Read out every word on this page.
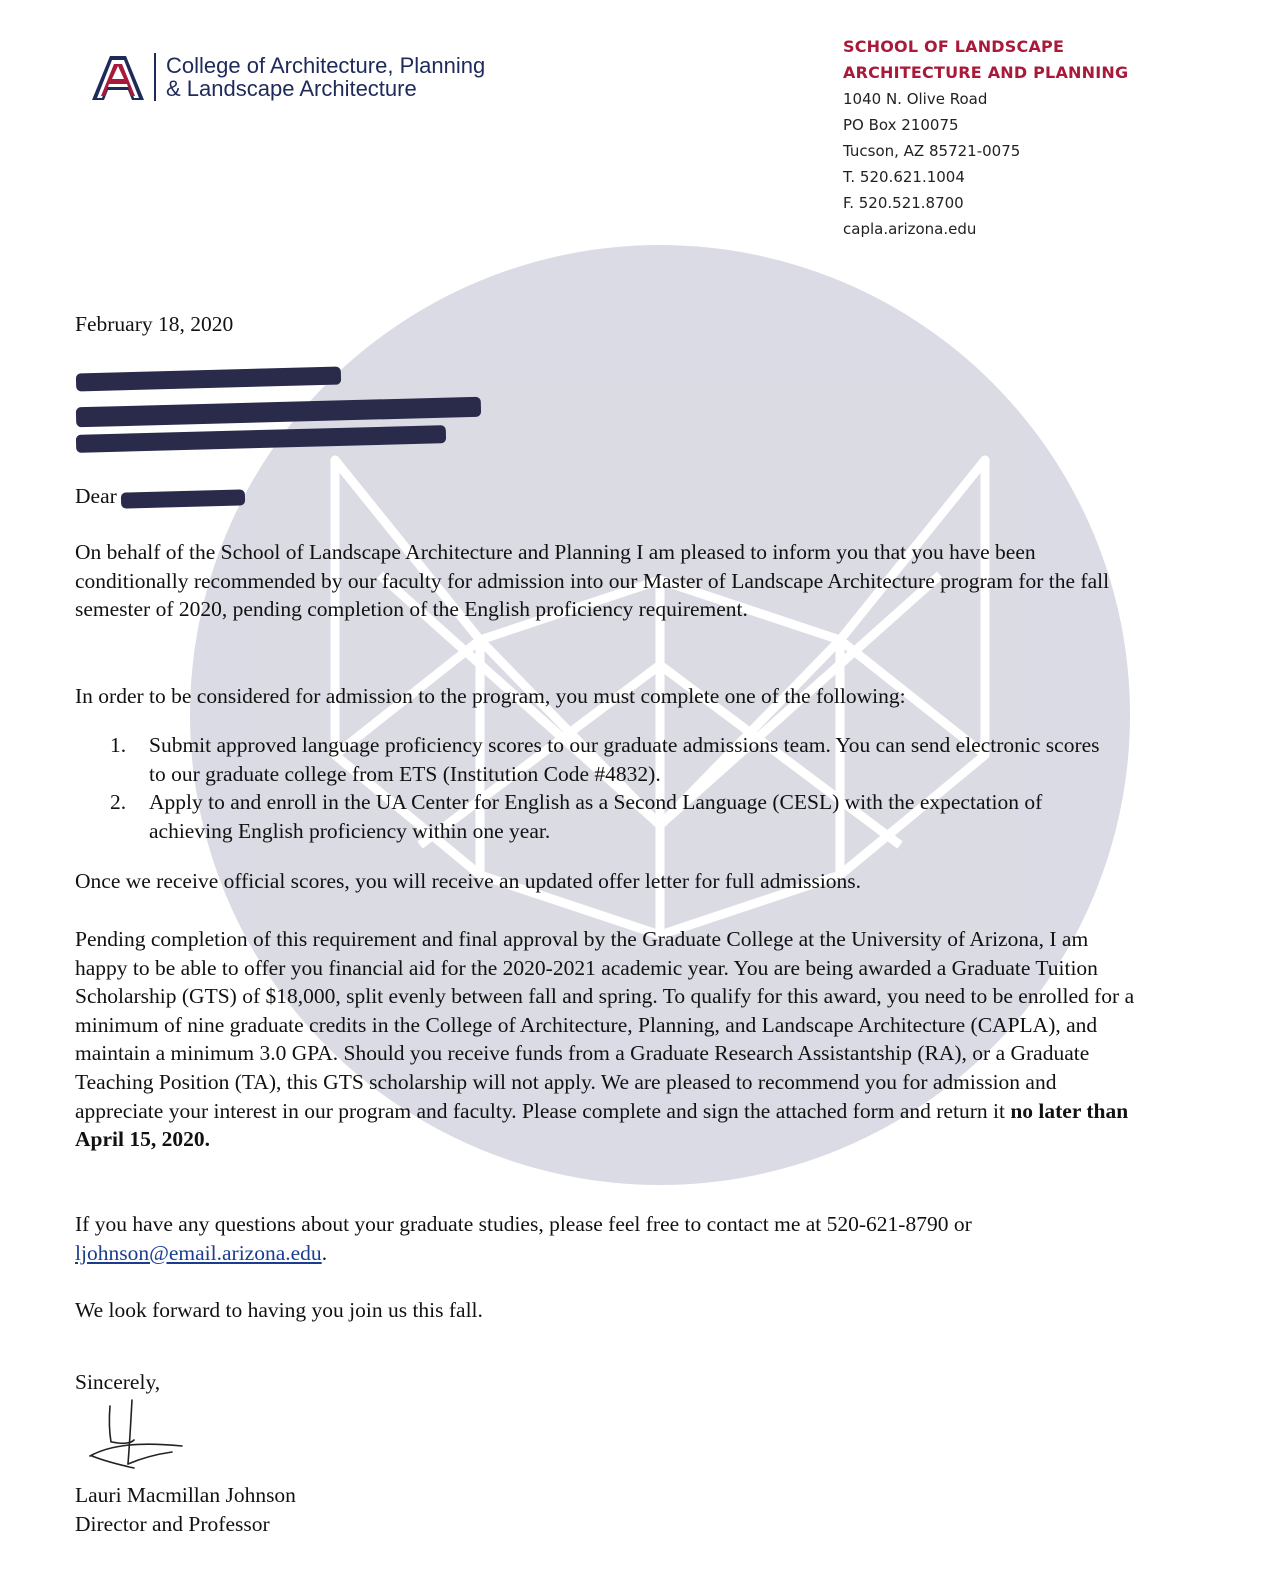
College of Architecture, Planning
& Landscape Architecture
SCHOOL OF LANDSCAPE
ARCHITECTURE AND PLANNING
1040 N. Olive Road
PO Box 210075
Tucson, AZ 85721-0075
T. 520.621.1004
F. 520.521.8700
capla.arizona.edu
February 18, 2020
Dear
On behalf of the School of Landscape Architecture and Planning I am pleased to inform you that you have been conditionally recommended by our faculty for admission into our Master of Landscape Architecture program for the fall semester of 2020, pending completion of the English proficiency requirement.
In order to be considered for admission to the program, you must complete one of the following:
1.	Submit approved language proficiency scores to our graduate admissions team. You can send electronic scores to our graduate college from ETS (Institution Code #4832).
2.	Apply to and enroll in the UA Center for English as a Second Language (CESL) with the expectation of achieving English proficiency within one year.
Once we receive official scores, you will receive an updated offer letter for full admissions.
Pending completion of this requirement and final approval by the Graduate College at the University of Arizona, I am happy to be able to offer you financial aid for the 2020-2021 academic year. You are being awarded a Graduate Tuition Scholarship (GTS) of $18,000, split evenly between fall and spring. To qualify for this award, you need to be enrolled for a minimum of nine graduate credits in the College of Architecture, Planning, and Landscape Architecture (CAPLA), and maintain a minimum 3.0 GPA. Should you receive funds from a Graduate Research Assistantship (RA), or a Graduate Teaching Position (TA), this GTS scholarship will not apply. We are pleased to recommend you for admission and appreciate your interest in our program and faculty. Please complete and sign the attached form and return it no later than April 15, 2020.
If you have any questions about your graduate studies, please feel free to contact me at 520-621-8790 or ljohnson@email.arizona.edu.
We look forward to having you join us this fall.
Sincerely,
Lauri Macmillan Johnson
Director and Professor
